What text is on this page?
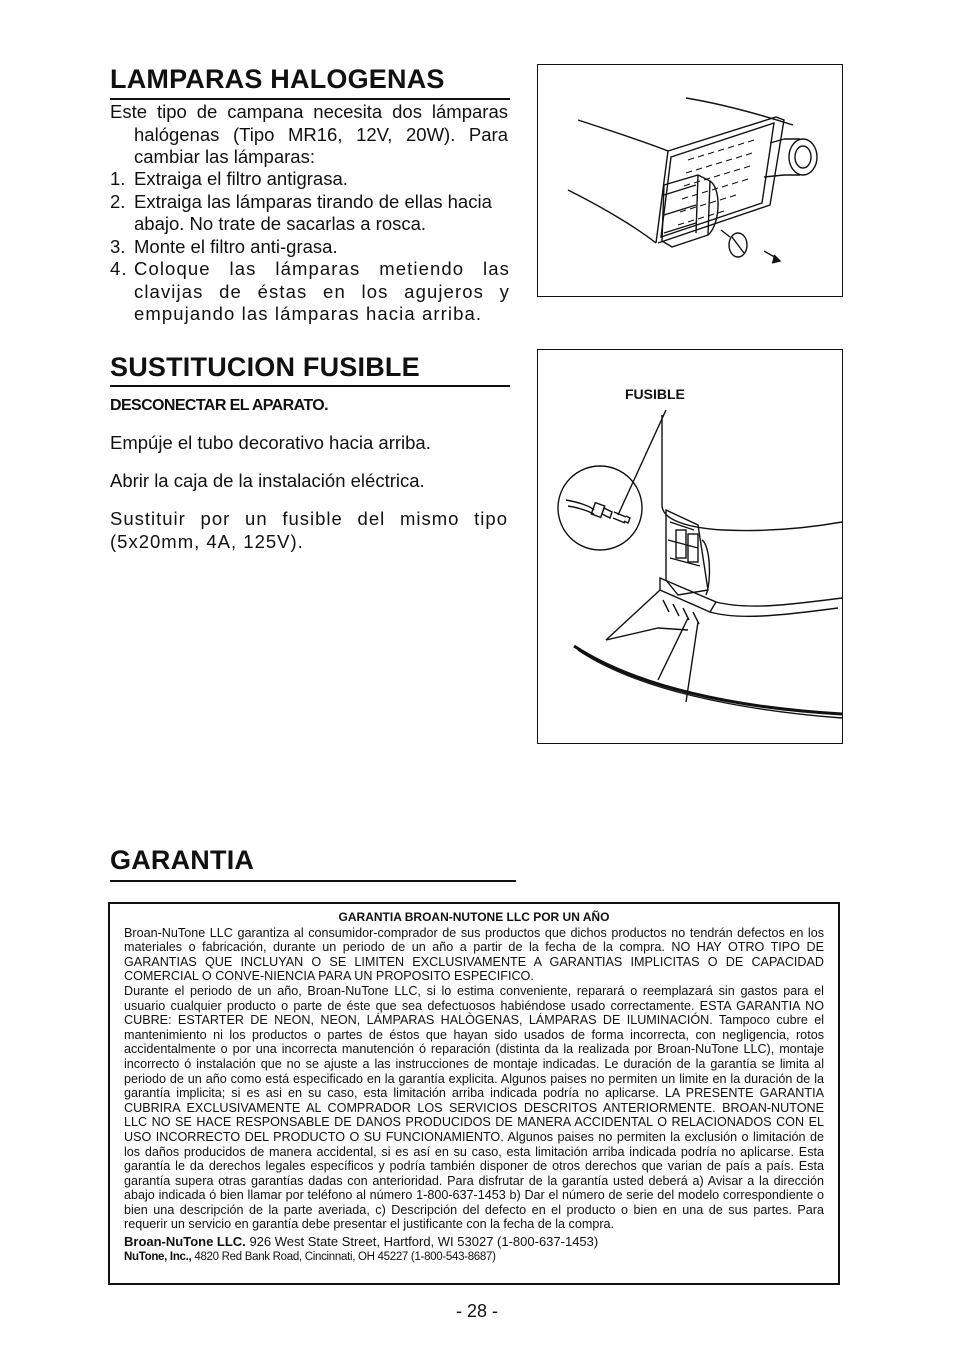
LAMPARAS HALOGENAS
Este tipo de campana necesita dos lámparas halógenas (Tipo MR16, 12V, 20W). Para cambiar las lámparas:
1. Extraiga el filtro antigrasa.
2. Extraiga las lámparas tirando de ellas hacia abajo. No trate de sacarlas a rosca.
3. Monte el filtro anti-grasa.
4. Coloque las lámparas metiendo las clavijas de éstas en los agujeros y empujando las lámparas hacia arriba.
SUSTITUCION FUSIBLE
DESCONECTAR EL APARATO.
Empúje el tubo decorativo hacia arriba.
Abrir la caja de la instalación eléctrica.
Sustituir por un fusible del mismo tipo (5x20mm, 4A, 125V).
FUSIBLE
GARANTIA
GARANTIA BROAN-NUTONE LLC POR UN AÑO

Broan-NuTone LLC garantiza al consumidor-comprador de sus productos que dichos productos no tendrán defectos en los materiales o fabricación, durante un periodo de un año a partir de la fecha de la compra. NO HAY OTRO TIPO DE GARANTIAS QUE INCLUYAN O SE LIMITEN EXCLUSIVAMENTE A GARANTIAS IMPLICITAS O DE CAPACIDAD COMERCIAL O CONVE-NIENCIA PARA UN PROPOSITO ESPECIFICO.

Durante el periodo de un año, Broan-NuTone LLC, si lo estima conveniente, reparará o reemplazará sin gastos para el usuario cualquier producto o parte de éste que sea defectuosos habiéndose usado correctamente. ESTA GARANTIA NO CUBRE: ESTARTER DE NEON, NEON, LÁMPARAS HALÒGENAS, LÁMPARAS DE ILUMINACIÓN. Tampoco cubre el mantenimiento ni los productos o partes de éstos que hayan sido usados de forma incorrecta, con negligencia, rotos accidentalmente o por una incorrecta manutención ó reparación (distinta da la realizada por Broan-NuTone LLC), montaje incorrecto ó instalación que no se ajuste a las instrucciones de montaje indicadas. Le duración de la garantía se limita al periodo de un año como está especificado en la garantía explicita. Algunos paises no permiten un limite en la duración de la garantía implicita; si es asi en su caso, esta limitación arriba indicada podría no aplicarse. LA PRESENTE GARANTIA CUBRIRA EXCLUSIVAMENTE AL COMPRADOR LOS SERVICIOS DESCRITOS ANTERIORMENTE. BROAN-NUTONE LLC NO SE HACE RESPONSABLE DE DANOS PRODUCIDOS DE MANERA ACCIDENTAL O RELACIONADOS CON EL USO INCORRECTO DEL PRODUCTO O SU FUNCIONAMIENTO. Algunos paises no permiten la exclusión o limitación de los daños producidos de manera accidental, si es así en su caso, esta limitación arriba indicada podría no aplicarse. Esta garantía le da derechos legales específicos y podría también disponer de otros derechos que varian de país a país. Esta garantía supera otras garantías dadas con anterioridad. Para disfrutar de la garantía usted deberá a) Avisar a la dirección abajo indicada ó bien llamar por teléfono al número 1-800-637-1453 b) Dar el número de serie del modelo correspondiente o bien una descripción de la parte averiada, c) Descripción del defecto en el producto o bien en una de sus partes. Para requerir un servicio en garantía debe presentar el justificante con la fecha de la compra.

Broan-NuTone LLC. 926 West State Street, Hartford, WI 53027 (1-800-637-1453)

NuTone, Inc., 4820 Red Bank Road, Cincinnati, OH 45227 (1-800-543-8687)

- 28 -
